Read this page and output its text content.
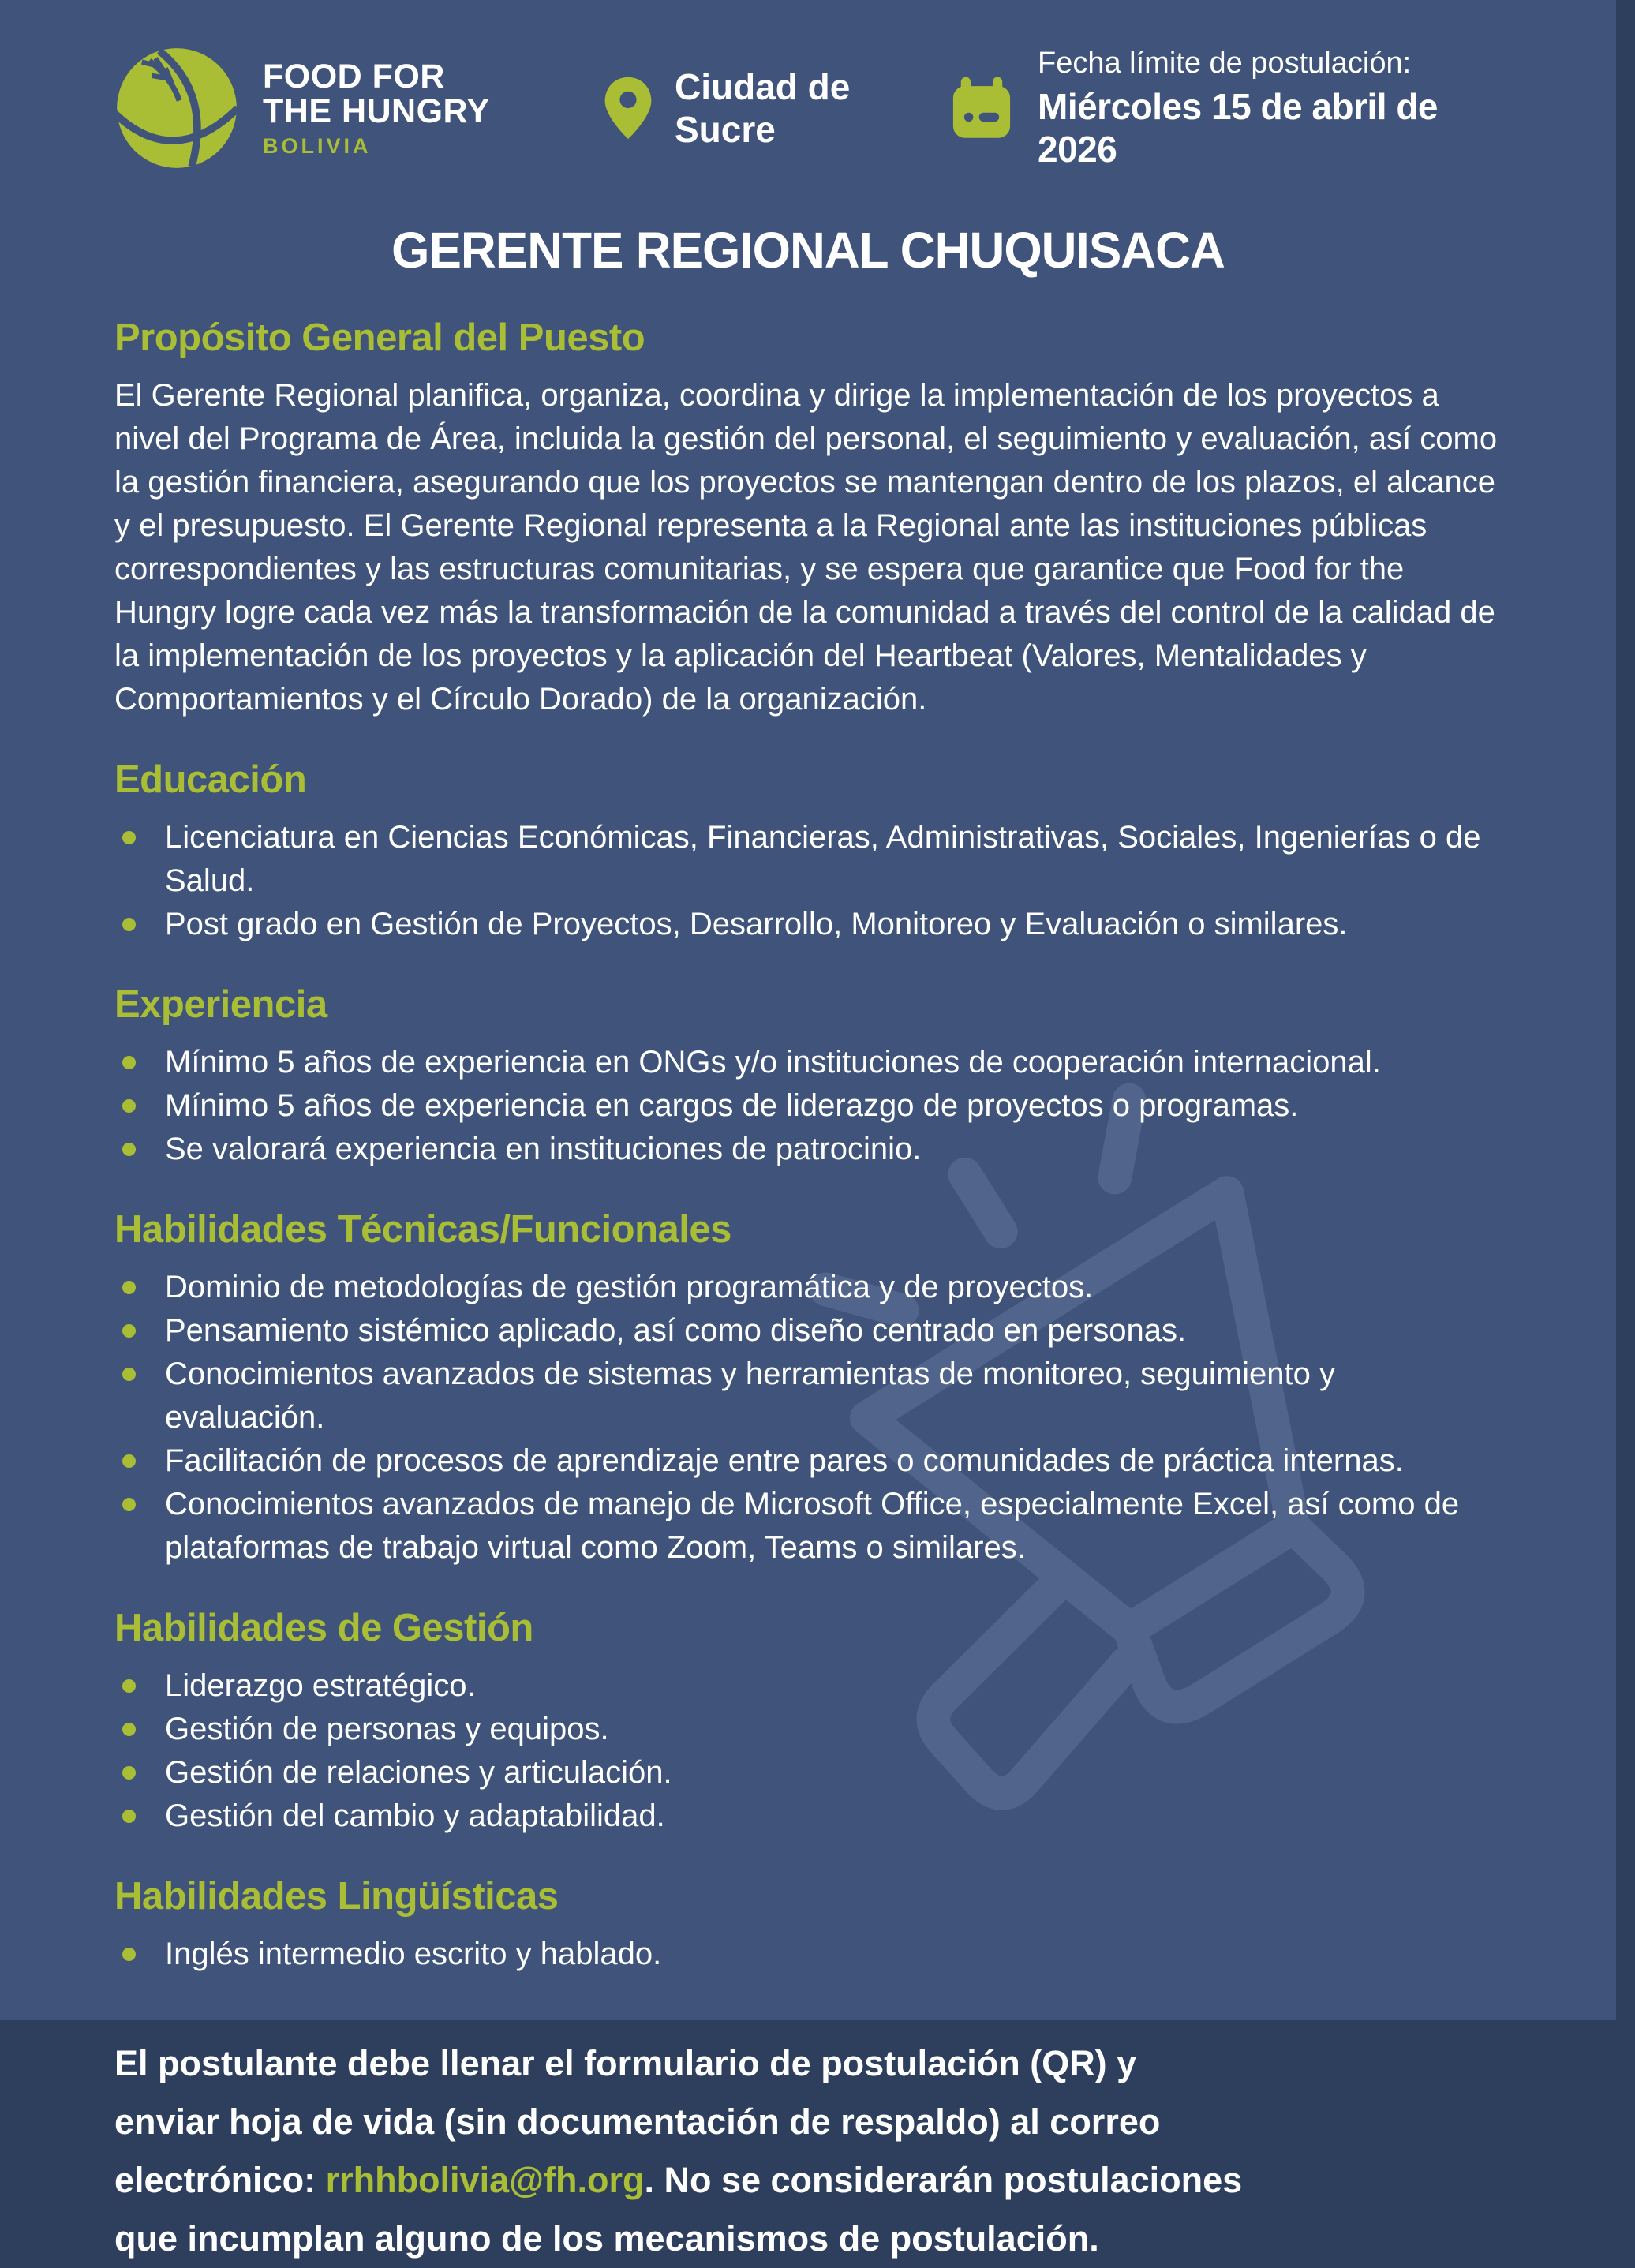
FOOD FOR
THE HUNGRY
BOLIVIA
Ciudad de Sucre
Fecha límite de postulación:
Miércoles 15 de abril de 2026
GERENTE REGIONAL CHUQUISACA
Propósito General del Puesto

El Gerente Regional planifica, organiza, coordina y dirige la implementación de los proyectos a nivel del Programa de Área, incluida la gestión del personal, el seguimiento y evaluación, así como la gestión financiera, asegurando que los proyectos se mantengan dentro de los plazos, el alcance y el presupuesto. El Gerente Regional representa a la Regional ante las instituciones públicas correspondientes y las estructuras comunitarias, y se espera que garantice que Food for the Hungry logre cada vez más la transformación de la comunidad a través del control de la calidad de la implementación de los proyectos y la aplicación del Heartbeat (Valores, Mentalidades y Comportamientos y el Círculo Dorado) de la organización.

Educación
Licenciatura en Ciencias Económicas, Financieras, Administrativas, Sociales, Ingenierías o de Salud.
Post grado en Gestión de Proyectos, Desarrollo, Monitoreo y Evaluación o similares.
Experiencia
Mínimo 5 años de experiencia en ONGs y/o instituciones de cooperación internacional.
Mínimo 5 años de experiencia en cargos de liderazgo de proyectos o programas.
Se valorará experiencia en instituciones de patrocinio.
Habilidades Técnicas/Funcionales
Dominio de metodologías de gestión programática y de proyectos.
Pensamiento sistémico aplicado, así como diseño centrado en personas.
Conocimientos avanzados de sistemas y herramientas de monitoreo, seguimiento y evaluación.
Facilitación de procesos de aprendizaje entre pares o comunidades de práctica internas.
Conocimientos avanzados de manejo de Microsoft Office, especialmente Excel, así como de plataformas de trabajo virtual como Zoom, Teams o similares.
Habilidades de Gestión
Liderazgo estratégico.
Gestión de personas y equipos.
Gestión de relaciones y articulación.
Gestión del cambio y adaptabilidad.
Habilidades Lingüísticas
Inglés intermedio escrito y hablado.

El postulante debe llenar el formulario de postulación (QR) y enviar hoja de vida (sin documentación de respaldo) al correo electrónico: rrhhbolivia@fh.org. No se considerarán postulaciones que incumplan alguno de los mecanismos de postulación.
